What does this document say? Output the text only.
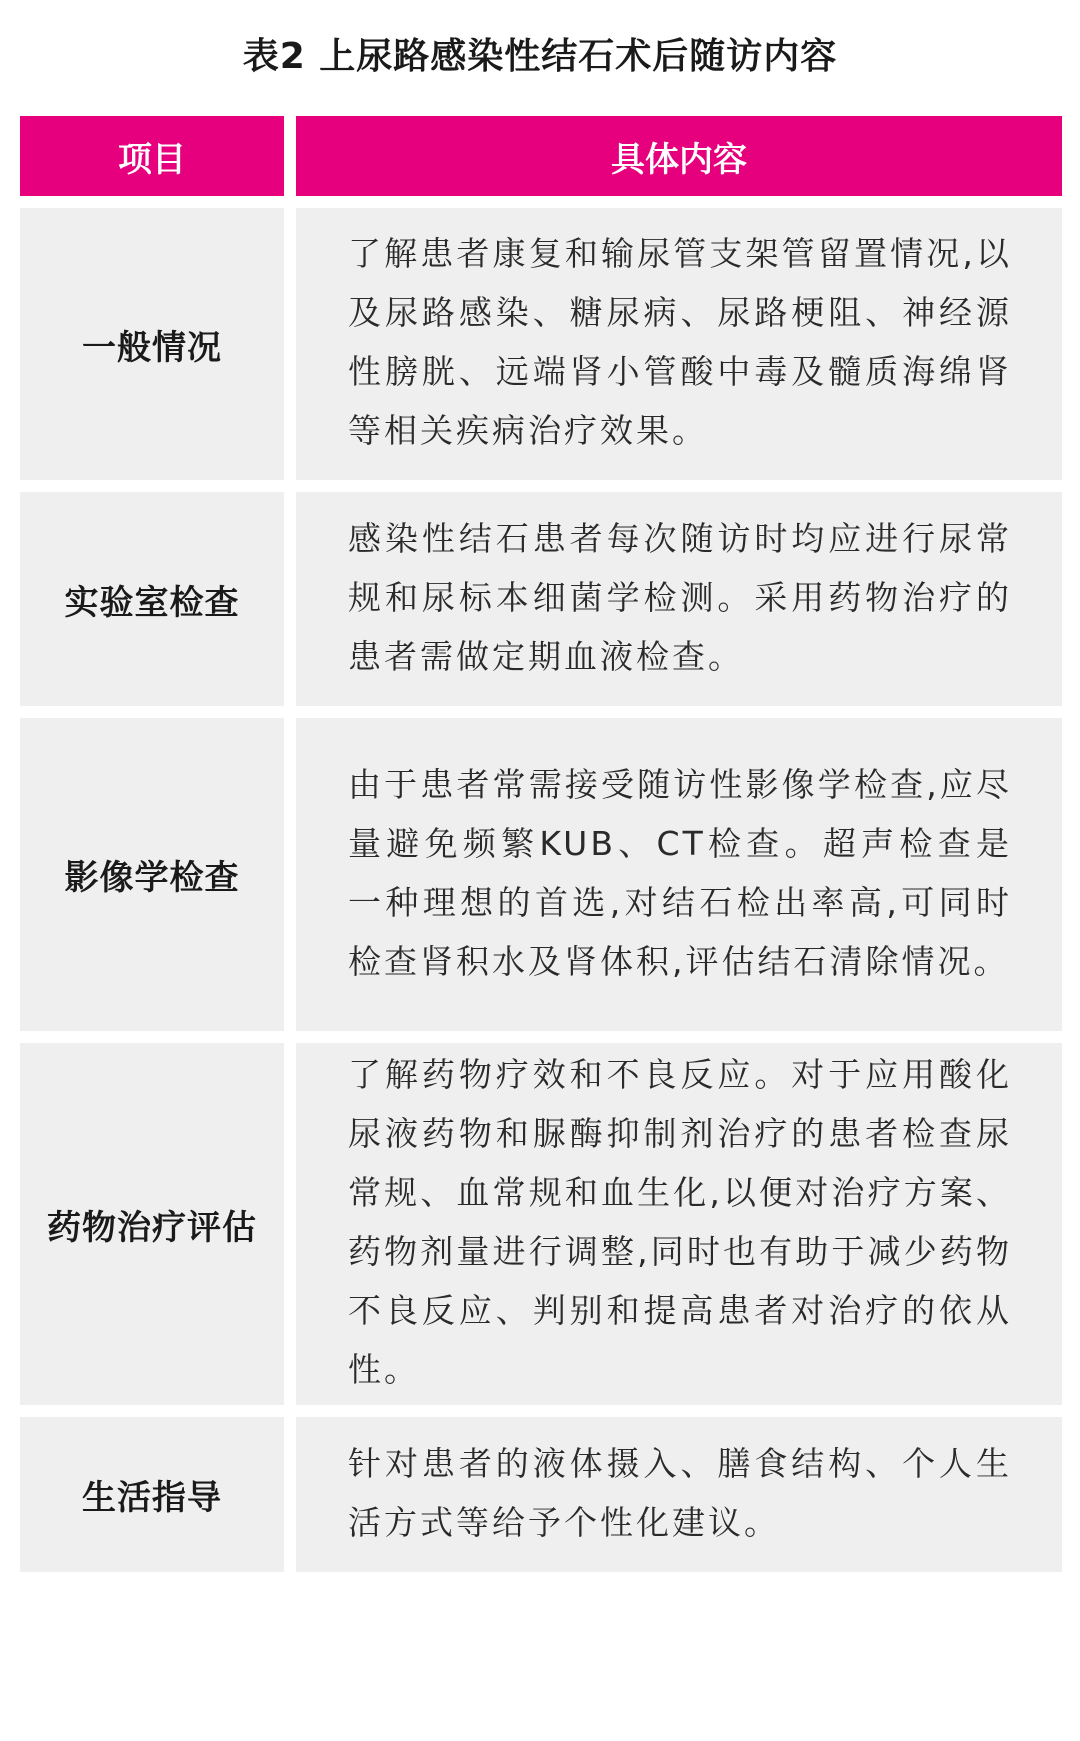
表2 上尿路感染性结石术后随访内容
项目	具体内容
一般情况
了解患者康复和输尿管支架管留置情况,以及尿路感染、糖尿病、尿路梗阻、神经源性膀胱、远端肾小管酸中毒及髓质海绵肾等相关疾病治疗效果。
实验室检查
感染性结石患者每次随访时均应进行尿常规和尿标本细菌学检测。采用药物治疗的患者需做定期血液检查。
影像学检查
由于患者常需接受随访性影像学检查,应尽量避免频繁KUB、CT检查。超声检查是一种理想的首选,对结石检出率高,可同时检查肾积水及肾体积,评估结石清除情况。
药物治疗评估
了解药物疗效和不良反应。对于应用酸化尿液药物和脲酶抑制剂治疗的患者检查尿常规、血常规和血生化,以便对治疗方案、药物剂量进行调整,同时也有助于减少药物不良反应、判别和提高患者对治疗的依从性。
生活指导
针对患者的液体摄入、膳食结构、个人生活方式等给予个性化建议。
